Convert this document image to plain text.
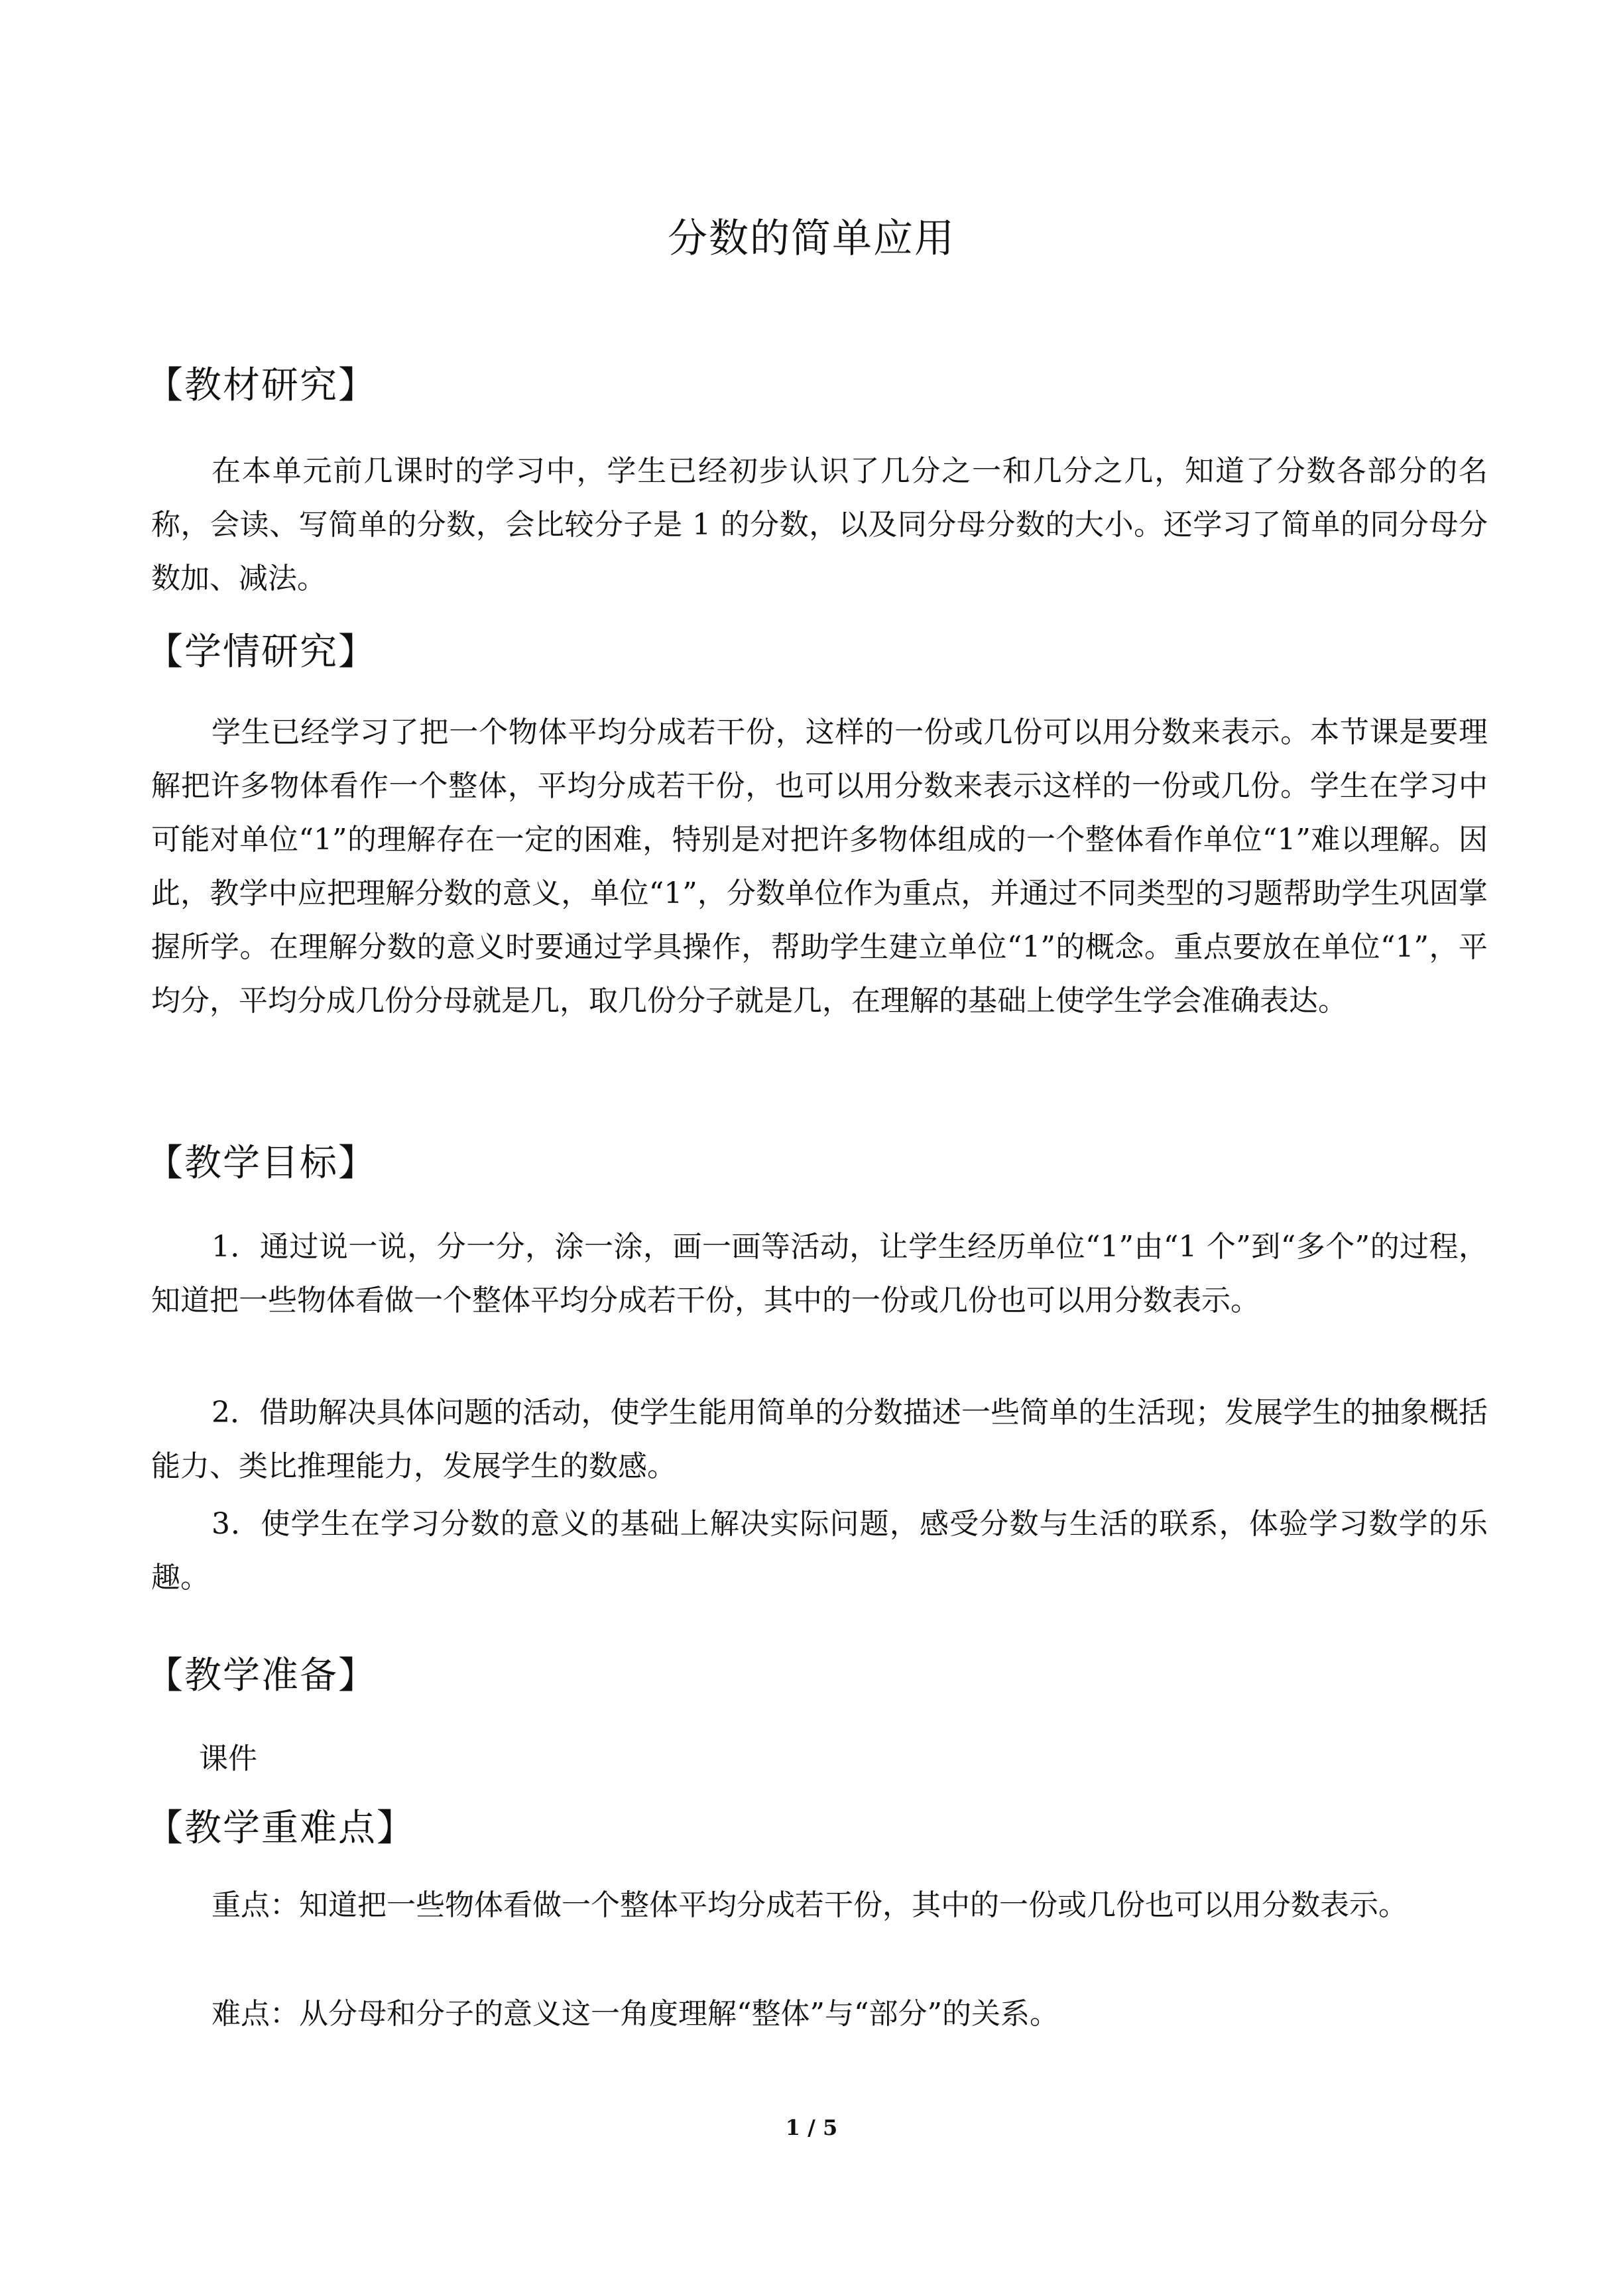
分数的简单应用
【教材研究】

在本单元前几课时的学习中，学生已经初步认识了几分之一和几分之几，知道了分数各部分的名称，会读、写简单的分数，会比较分子是 1 的分数，以及同分母分数的大小。还学习了简单的同分母分数加、减法。

【学情研究】

学生已经学习了把一个物体平均分成若干份，这样的一份或几份可以用分数来表示。本节课是要理解把许多物体看作一个整体，平均分成若干份，也可以用分数来表示这样的一份或几份。学生在学习中可能对单位“1”的理解存在一定的困难，特别是对把许多物体组成的一个整体看作单位“1”难以理解。因此，教学中应把理解分数的意义，单位“1”，分数单位作为重点，并通过不同类型的习题帮助学生巩固掌握所学。在理解分数的意义时要通过学具操作，帮助学生建立单位“1”的概念。重点要放在单位“1”，平均分，平均分成几份分母就是几，取几份分子就是几，在理解的基础上使学生学会准确表达。

【教学目标】

1．通过说一说，分一分，涂一涂，画一画等活动，让学生经历单位“1”由“1 个”到“多个”的过程，知道把一些物体看做一个整体平均分成若干份，其中的一份或几份也可以用分数表示。

2．借助解决具体问题的活动，使学生能用简单的分数描述一些简单的生活现；发展学生的抽象概括能力、类比推理能力，发展学生的数感。

3．使学生在学习分数的意义的基础上解决实际问题，感受分数与生活的联系，体验学习数学的乐趣。

【教学准备】

课件

【教学重难点】

重点：知道把一些物体看做一个整体平均分成若干份，其中的一份或几份也可以用分数表示。

难点：从分母和分子的意义这一角度理解“整体”与“部分”的关系。

1 / 5
